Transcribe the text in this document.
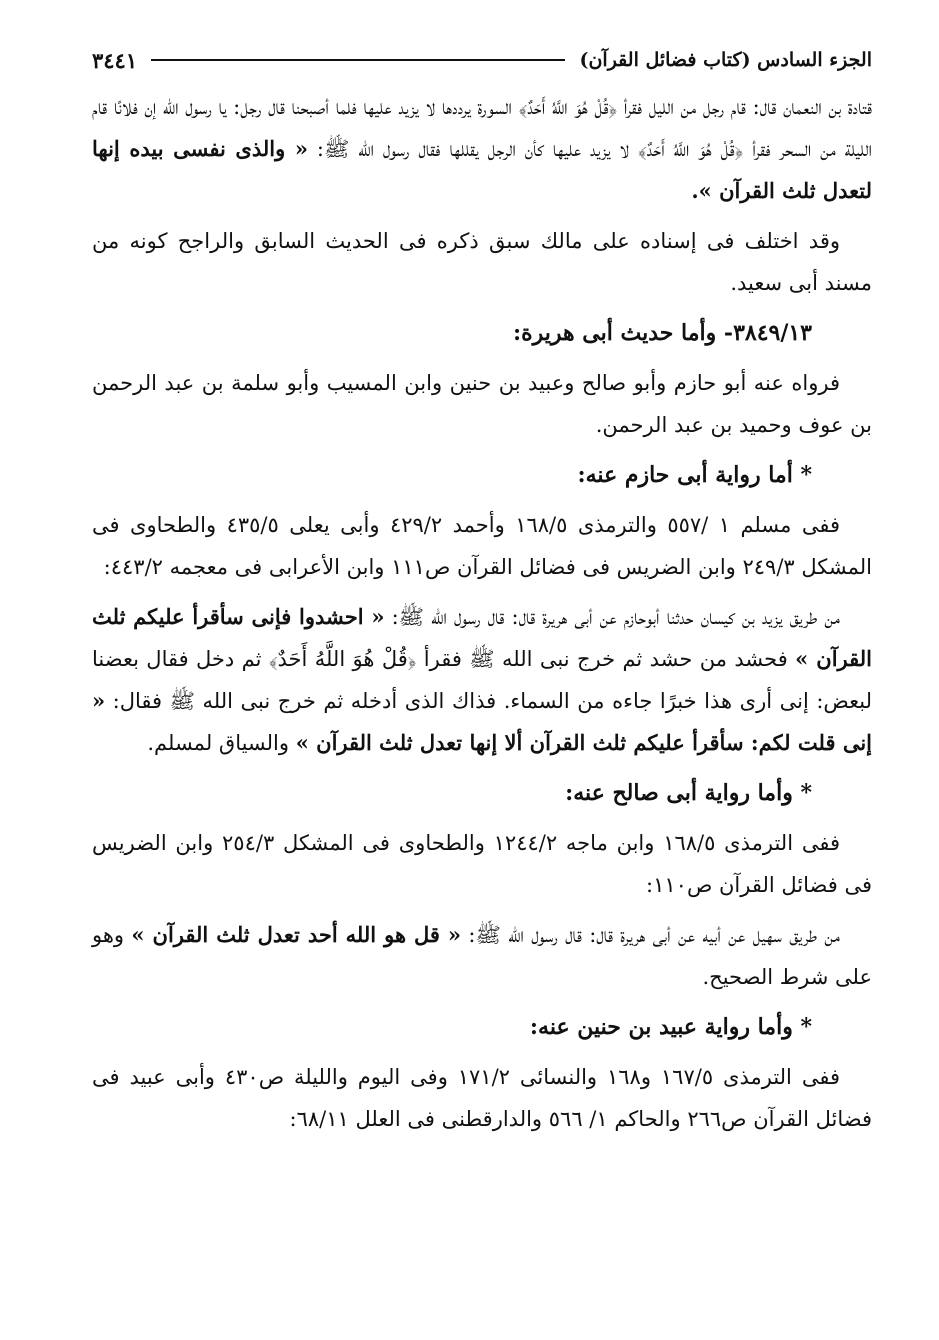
الجزء السادس (كتاب فضائل القرآن)
٣٤٤١

قتادة بن النعمان قال: قام رجل من الليل فقرأ ﴿قُلْ هُوَ اللَّهُ أَحَدٌ﴾ السورة يرددها لا يزيد عليها فلما أصبحنا قال رجل: يا رسول الله إن فلانًا قام الليلة من السحر فقرأ ﴿قُلْ هُوَ اللَّهُ أَحَدٌ﴾ لا يزيد عليها كأن الرجل يقللها فقال رسول الله ﷺ: « والذى نفسى بيده إنها لتعدل ثلث القرآن ».

وقد اختلف فى إسناده على مالك سبق ذكره فى الحديث السابق والراجح كونه من مسند أبى سعيد.

٣٨٤٩/١٣- وأما حديث أبى هريرة:

فرواه عنه أبو حازم وأبو صالح وعبيد بن حنين وابن المسيب وأبو سلمة بن عبد الرحمن بن عوف وحميد بن عبد الرحمن.

* أما رواية أبى حازم عنه:

ففى مسلم ١ /٥٥٧ والترمذى ١٦٨/٥ وأحمد ٤٢٩/٢ وأبى يعلى ٤٣٥/٥ والطحاوى فى المشكل ٢٤٩/٣ وابن الضريس فى فضائل القرآن ص١١١ وابن الأعرابى فى معجمه ٤٤٣/٢:

من طريق يزيد بن كيسان حدثنا أبوحازم عن أبى هريرة قال: قال رسول الله ﷺ: « احشدوا فإنى سأقرأ عليكم ثلث القرآن » فحشد من حشد ثم خرج نبى الله ﷺ فقرأ ﴿قُلْ هُوَ اللَّهُ أَحَدٌ﴾ ثم دخل فقال بعضنا لبعض: إنى أرى هذا خبرًا جاءه من السماء. فذاك الذى أدخله ثم خرج نبى الله ﷺ فقال: « إنى قلت لكم: سأقرأ عليكم ثلث القرآن ألا إنها تعدل ثلث القرآن » والسياق لمسلم.

* وأما رواية أبى صالح عنه:

ففى الترمذى ١٦٨/٥ وابن ماجه ١٢٤٤/٢ والطحاوى فى المشكل ٢٥٤/٣ وابن الضريس فى فضائل القرآن ص١١٠:

من طريق سهيل عن أبيه عن أبى هريرة قال: قال رسول الله ﷺ: « قل هو الله أحد تعدل ثلث القرآن » وهو على شرط الصحيح.

* وأما رواية عبيد بن حنين عنه:

ففى الترمذى ١٦٧/٥ و١٦٨ والنسائى ١٧١/٢ وفى اليوم والليلة ص٤٣٠ وأبى عبيد فى فضائل القرآن ص٢٦٦ والحاكم ١/ ٥٦٦ والدارقطنى فى العلل ٦٨/١١:
